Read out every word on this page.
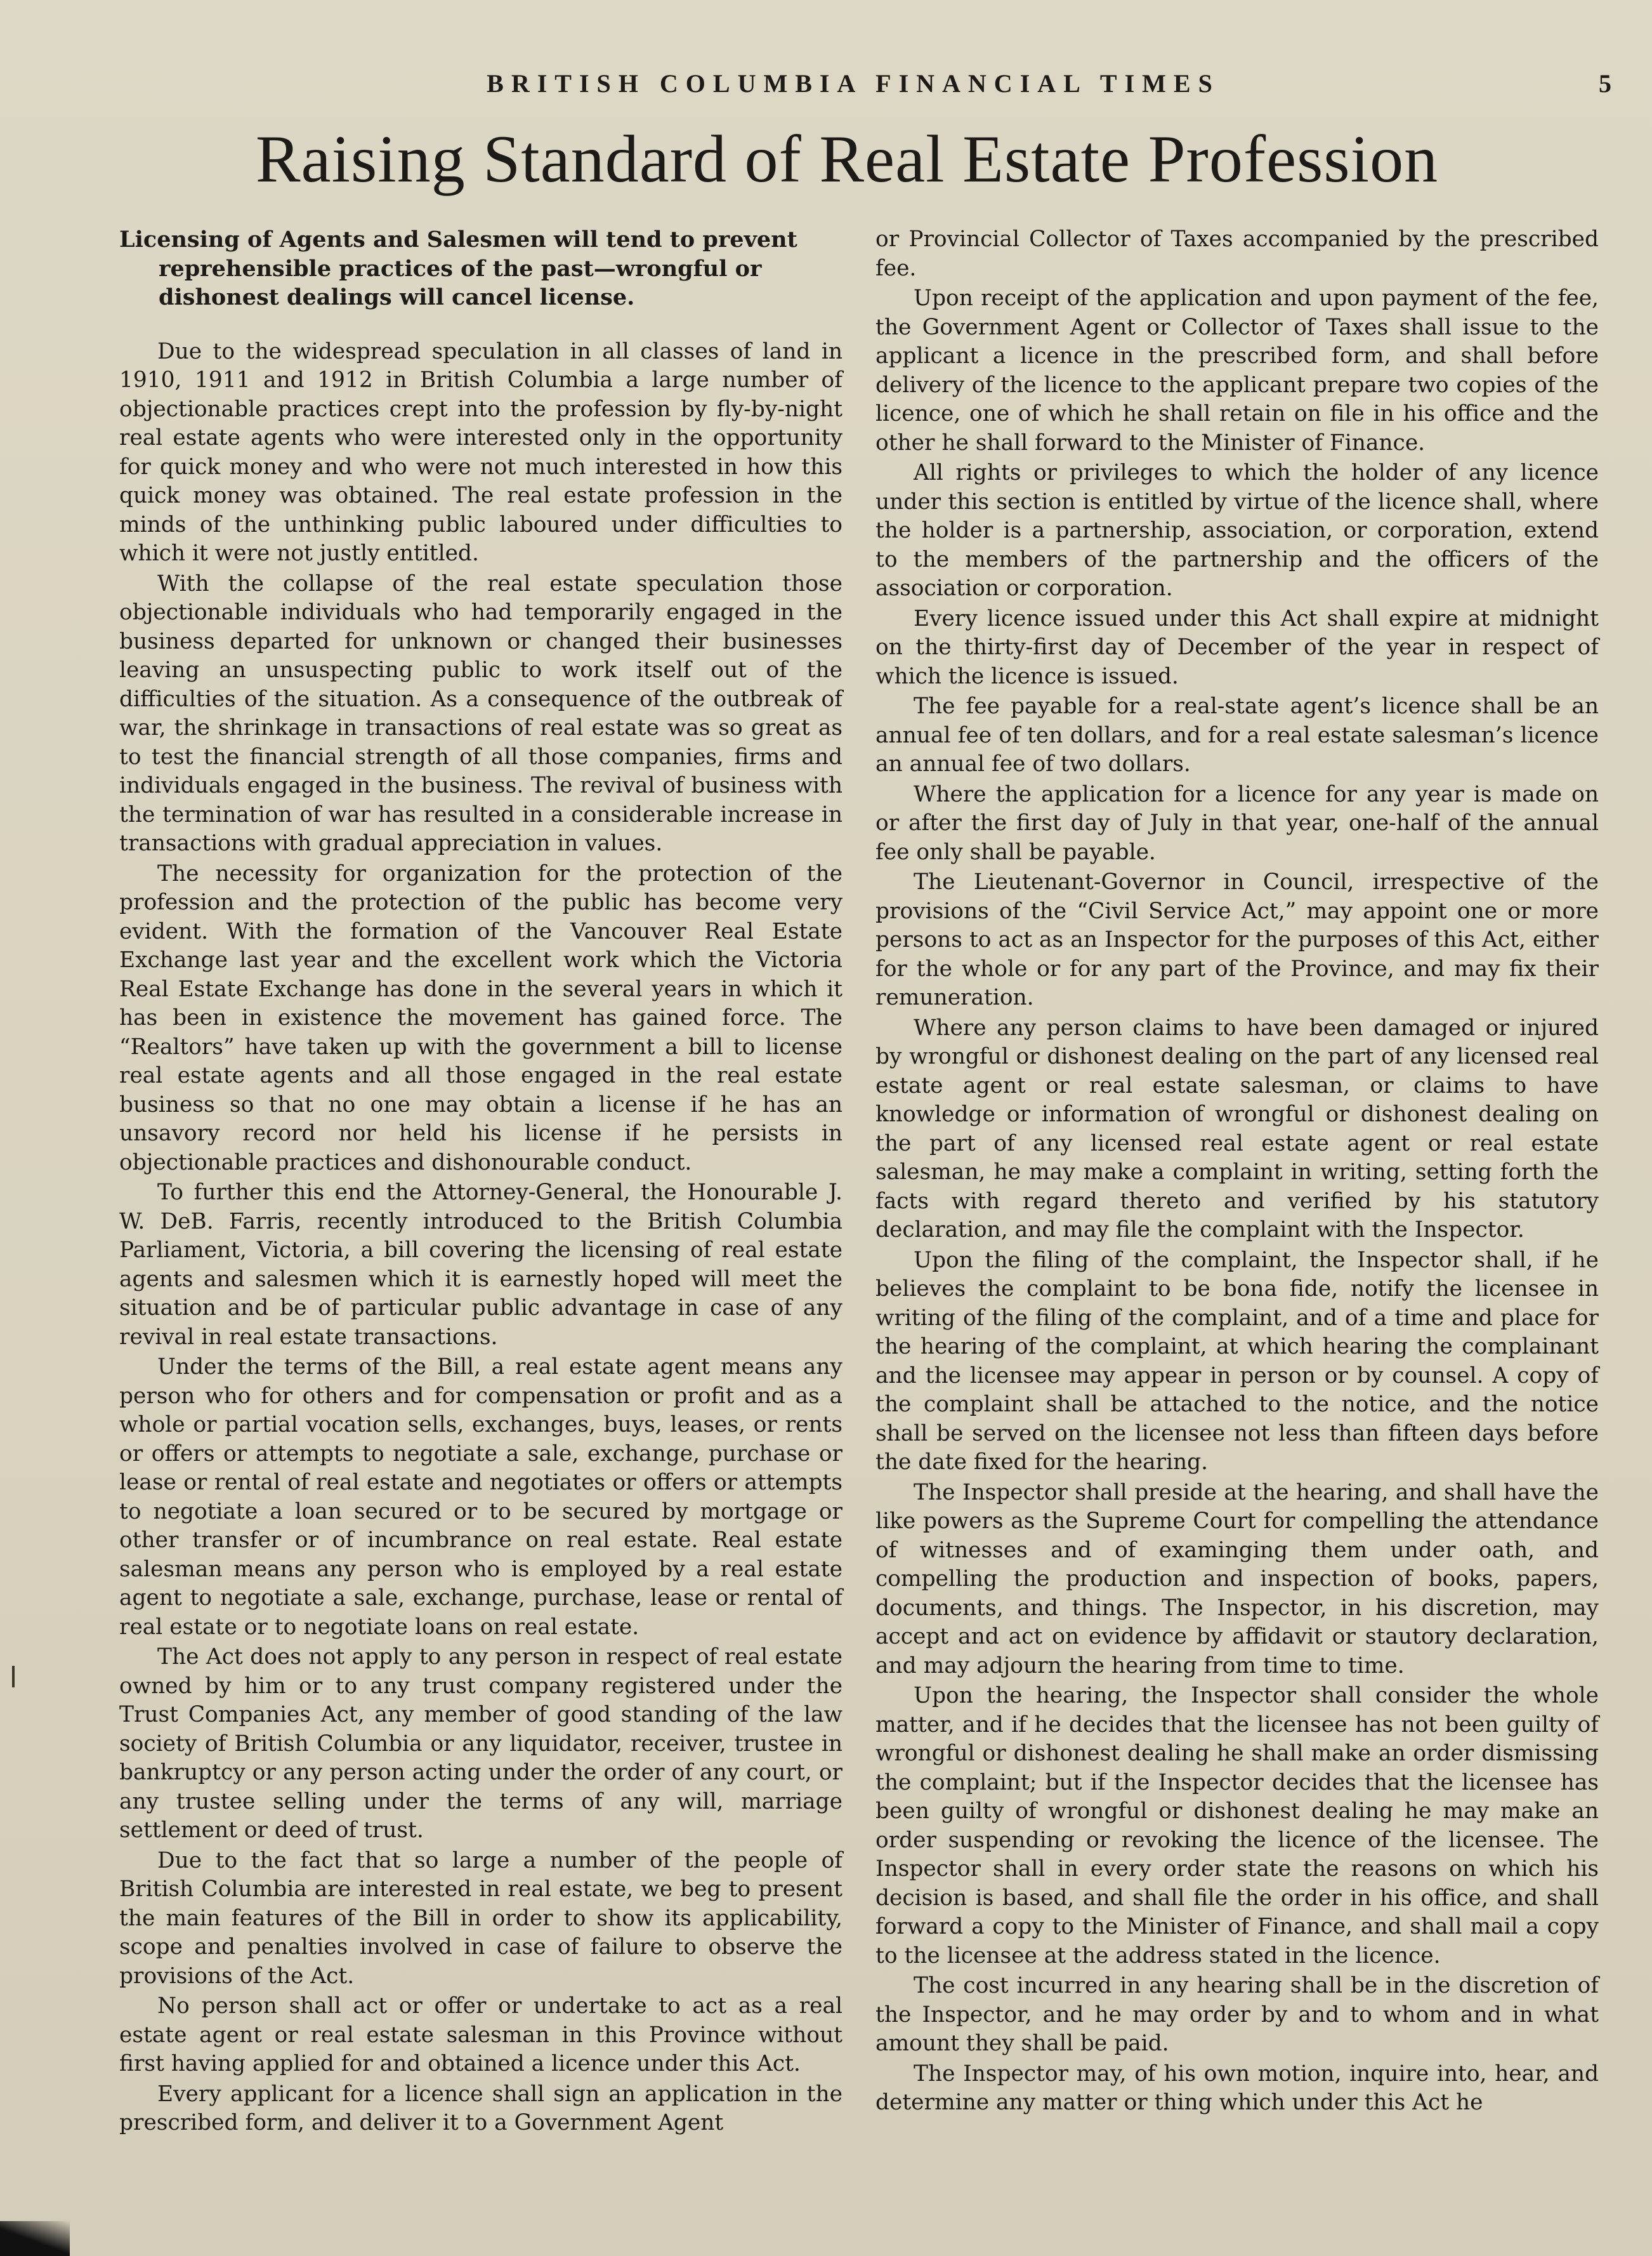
BRITISH COLUMBIA FINANCIAL TIMES	5
Raising Standard of Real Estate Profession

Licensing of Agents and Salesmen will tend to prevent reprehensible practices of the past—wrongful or dishonest dealings will cancel license.

Due to the widespread speculation in all classes of land in 1910, 1911 and 1912 in British Columbia a large number of objectionable practices crept into the profession by fly-by-night real estate agents who were interested only in the opportunity for quick money and who were not much interested in how this quick money was obtained. The real estate profession in the minds of the unthinking public laboured under difficulties to which it were not justly entitled.

With the collapse of the real estate speculation those objectionable individuals who had temporarily engaged in the business departed for unknown or changed their businesses leaving an unsuspecting public to work itself out of the difficulties of the situation. As a consequence of the outbreak of war, the shrinkage in transactions of real estate was so great as to test the financial strength of all those companies, firms and individuals engaged in the business. The revival of business with the termination of war has resulted in a considerable increase in transactions with gradual appreciation in values.

The necessity for organization for the protection of the profession and the protection of the public has become very evident. With the formation of the Vancouver Real Estate Exchange last year and the excellent work which the Victoria Real Estate Exchange has done in the several years in which it has been in existence the movement has gained force. The “Realtors” have taken up with the government a bill to license real estate agents and all those engaged in the real estate business so that no one may obtain a license if he has an unsavory record nor held his license if he persists in objectionable practices and dishonourable conduct.

To further this end the Attorney-General, the Honourable J. W. DeB. Farris, recently introduced to the British Columbia Parliament, Victoria, a bill covering the licensing of real estate agents and salesmen which it is earnestly hoped will meet the situation and be of particular public advantage in case of any revival in real estate transactions.

Under the terms of the Bill, a real estate agent means any person who for others and for compensation or profit and as a whole or partial vocation sells, exchanges, buys, leases, or rents or offers or attempts to negotiate a sale, exchange, purchase or lease or rental of real estate and negotiates or offers or attempts to negotiate a loan secured or to be secured by mortgage or other transfer or of incumbrance on real estate. Real estate salesman means any person who is employed by a real estate agent to negotiate a sale, exchange, purchase, lease or rental of real estate or to negotiate loans on real estate.

The Act does not apply to any person in respect of real estate owned by him or to any trust company registered under the Trust Companies Act, any member of good standing of the law society of British Columbia or any liquidator, receiver, trustee in bankruptcy or any person acting under the order of any court, or any trustee selling under the terms of any will, marriage settlement or deed of trust.

Due to the fact that so large a number of the people of British Columbia are interested in real estate, we beg to present the main features of the Bill in order to show its applicability, scope and penalties involved in case of failure to observe the provisions of the Act.

No person shall act or offer or undertake to act as a real estate agent or real estate salesman in this Province without first having applied for and obtained a licence under this Act.

Every applicant for a licence shall sign an application in the prescribed form, and deliver it to a Government Agent

or Provincial Collector of Taxes accompanied by the prescribed fee.

Upon receipt of the application and upon payment of the fee, the Government Agent or Collector of Taxes shall issue to the applicant a licence in the prescribed form, and shall before delivery of the licence to the applicant prepare two copies of the licence, one of which he shall retain on file in his office and the other he shall forward to the Minister of Finance.

All rights or privileges to which the holder of any licence under this section is entitled by virtue of the licence shall, where the holder is a partnership, association, or corporation, extend to the members of the partnership and the officers of the association or corporation.

Every licence issued under this Act shall expire at midnight on the thirty-first day of December of the year in respect of which the licence is issued.

The fee payable for a real-state agent’s licence shall be an annual fee of ten dollars, and for a real estate salesman’s licence an annual fee of two dollars.

Where the application for a licence for any year is made on or after the first day of July in that year, one-half of the annual fee only shall be payable.

The Lieutenant-Governor in Council, irrespective of the provisions of the “Civil Service Act,” may appoint one or more persons to act as an Inspector for the purposes of this Act, either for the whole or for any part of the Province, and may fix their remuneration.

Where any person claims to have been damaged or injured by wrongful or dishonest dealing on the part of any licensed real estate agent or real estate salesman, or claims to have knowledge or information of wrongful or dishonest dealing on the part of any licensed real estate agent or real estate salesman, he may make a complaint in writing, setting forth the facts with regard thereto and verified by his statutory declaration, and may file the complaint with the Inspector.

Upon the filing of the complaint, the Inspector shall, if he believes the complaint to be bona fide, notify the licensee in writing of the filing of the complaint, and of a time and place for the hearing of the complaint, at which hearing the complainant and the licensee may appear in person or by counsel. A copy of the complaint shall be attached to the notice, and the notice shall be served on the licensee not less than fifteen days before the date fixed for the hearing.

The Inspector shall preside at the hearing, and shall have the like powers as the Supreme Court for compelling the attendance of witnesses and of examinging them under oath, and compelling the production and inspection of books, papers, documents, and things. The Inspector, in his discretion, may accept and act on evidence by affidavit or stautory declaration, and may adjourn the hearing from time to time.

Upon the hearing, the Inspector shall consider the whole matter, and if he decides that the licensee has not been guilty of wrongful or dishonest dealing he shall make an order dismissing the complaint; but if the Inspector decides that the licensee has been guilty of wrongful or dishonest dealing he may make an order suspending or revoking the licence of the licensee. The Inspector shall in every order state the reasons on which his decision is based, and shall file the order in his office, and shall forward a copy to the Minister of Finance, and shall mail a copy to the licensee at the address stated in the licence.

The cost incurred in any hearing shall be in the discretion of the Inspector, and he may order by and to whom and in what amount they shall be paid.

The Inspector may, of his own motion, inquire into, hear, and determine any matter or thing which under this Act he
